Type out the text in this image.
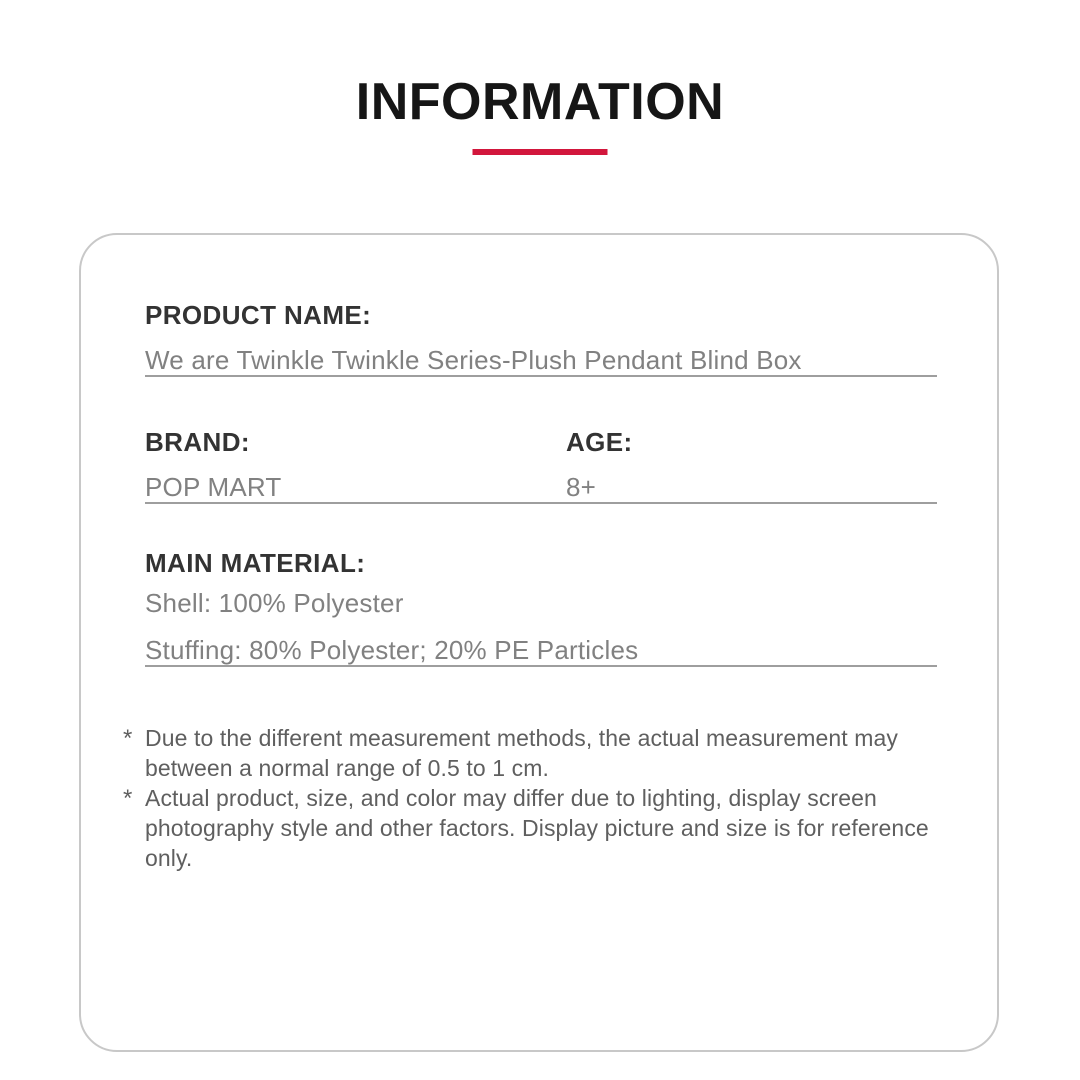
INFORMATION
PRODUCT NAME:
We are Twinkle Twinkle Series-Plush Pendant Blind Box
BRAND:
POP MART
AGE:
8+
MAIN MATERIAL:
Shell: 100% Polyester
Stuffing: 80% Polyester; 20% PE Particles
* Due to the different measurement methods, the actual measurement may between a normal range of 0.5 to 1 cm.
* Actual product, size, and color may differ due to lighting, display screen photography style and other factors. Display picture and size is for reference only.
